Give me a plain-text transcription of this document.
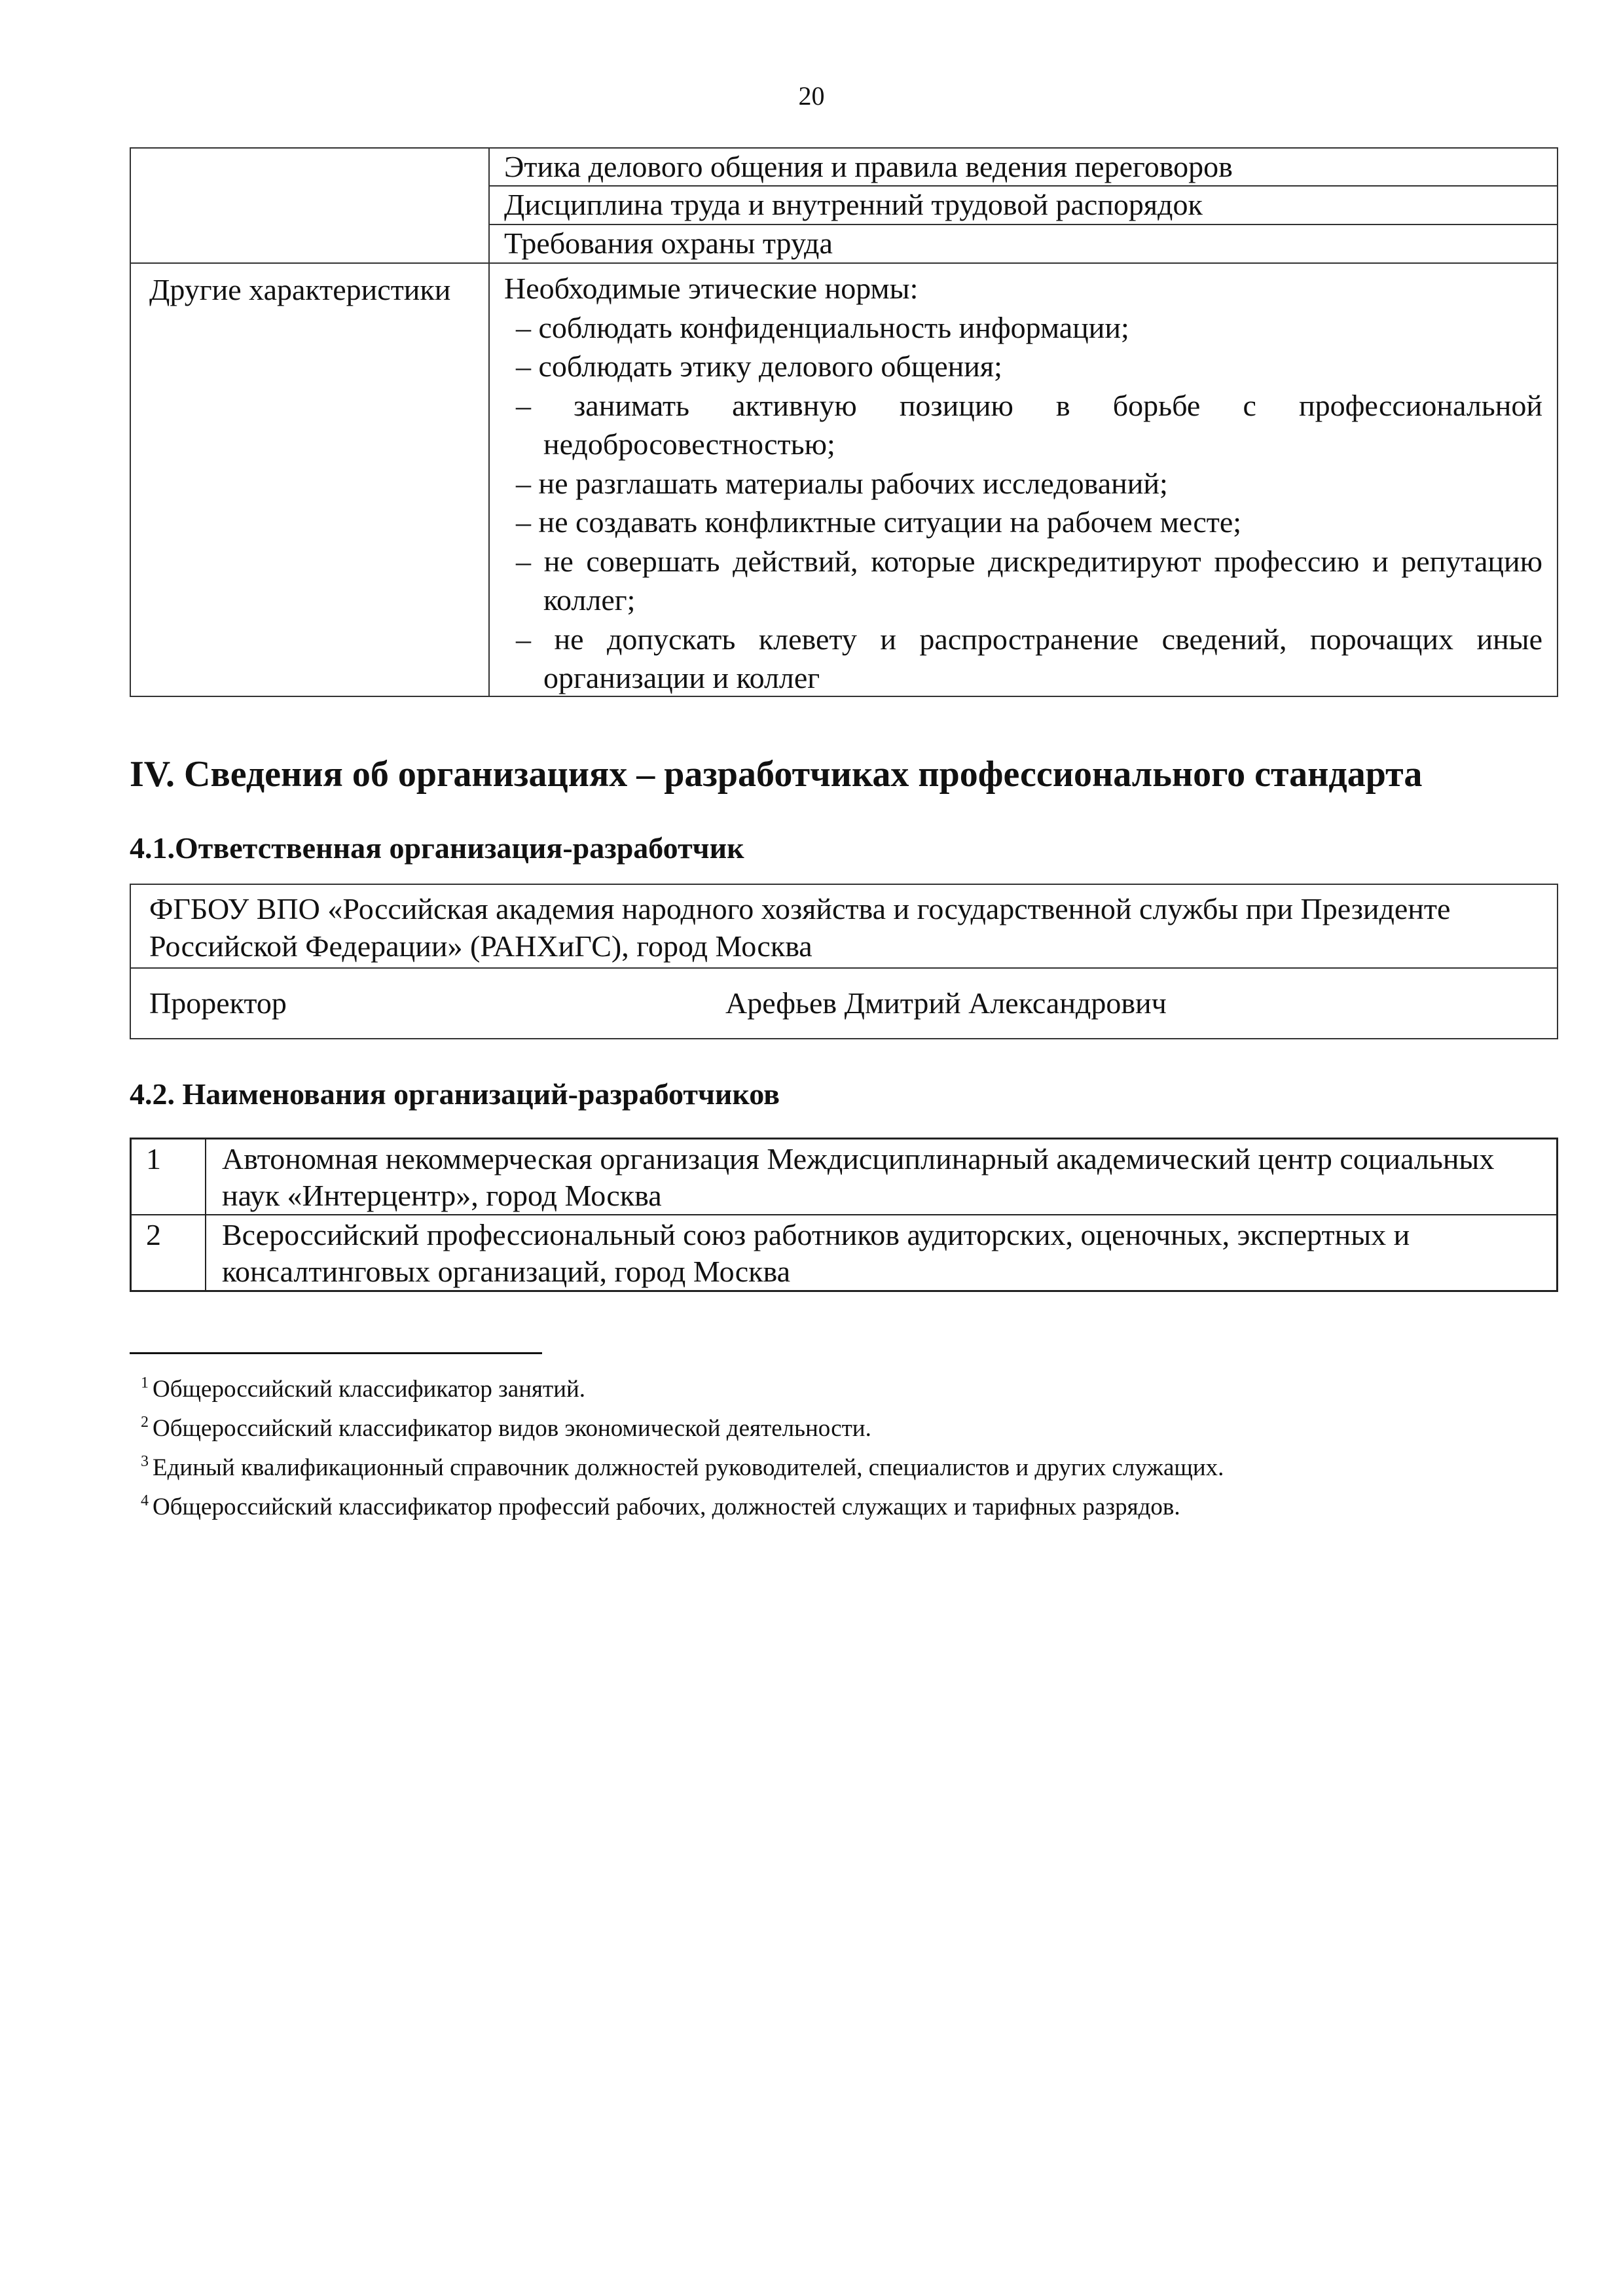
20
Этика делового общения и правила ведения переговоров
Дисциплина труда и внутренний трудовой распорядок
Требования охраны труда
Другие характеристики	Необходимые этические нормы:
– соблюдать конфиденциальность информации;
– соблюдать этику делового общения;
– занимать активную позицию в борьбе с профессиональной недобросовестностью;
– не разглашать материалы рабочих исследований;
– не создавать конфликтные ситуации на рабочем месте;
– не совершать действий, которые дискредитируют профессию и репутацию коллег;
– не допускать клевету и распространение сведений, порочащих иные организации и коллег
IV. Сведения об организациях – разработчиках профессионального стандарта
4.1.Ответственная организация-разработчик
ФГБОУ ВПО «Российская академия народного хозяйства и государственной службы при Президенте Российской Федерации» (РАНХиГС), город Москва
Проректор	Арефьев Дмитрий Александрович
4.2. Наименования организаций-разработчиков
1	Автономная некоммерческая организация Междисциплинарный академический центр социальных наук «Интерцентр», город Москва
2	Всероссийский профессиональный союз работников аудиторских, оценочных, экспертных и консалтинговых организаций, город Москва
$^1$ Общероссийский классификатор занятий.
$^2$ Общероссийский классификатор видов экономической деятельности.
$^3$ Единый квалификационный справочник должностей руководителей, специалистов и других служащих.
$^4$ Общероссийский классификатор профессий рабочих, должностей служащих и тарифных разрядов.
